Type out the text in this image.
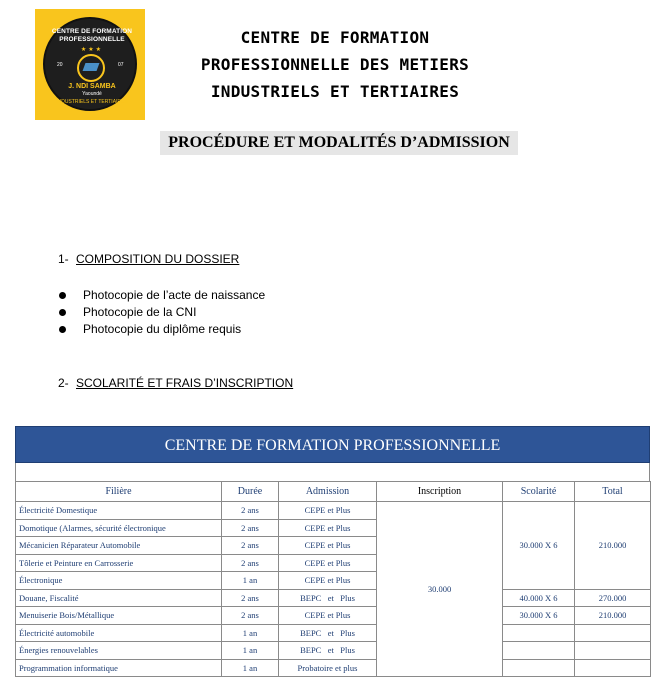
CENTRE DE FORMATION PROFESSIONNELLE
★★★
20	07
J. NDI SAMBA
Yaoundé
INDUSTRIELS ET TERTIAIRES
CENTRE DE FORMATION
PROFESSIONNELLE DES METIERS
INDUSTRIELS ET TERTIAIRES
PROCÉDURE ET MODALITÉS D’ADMISSION
1- COMPOSITION DU DOSSIER
Photocopie de l’acte de naissance
Photocopie de la CNI
Photocopie du diplôme requis
2- SCOLARITÉ ET FRAIS D’INSCRIPTION
CENTRE DE FORMATION PROFESSIONNELLE
Filière	Durée	Admission	Inscription	Scolarité	Total
Électricité Domestique	2 ans	CEPE et Plus	30.000	30.000 X 6	210.000
Domotique (Alarmes, sécurité électronique	2 ans	CEPE et Plus			
Mécanicien Réparateur Automobile	2 ans	CEPE et Plus			
Tôlerie et Peinture en Carrosserie	2 ans	CEPE et Plus			
Électronique	1 an	CEPE et Plus			
Douane, Fiscalité	2 ans	BEPC   et   Plus		40.000 X 6	270.000
Menuiserie Bois/Métallique	2 ans	CEPE et Plus		30.000 X 6	210.000
Électricité automobile	1 an	BEPC   et   Plus			
Énergies renouvelables	1 an	BEPC   et   Plus			
Programmation informatique	1 an	Probatoire et plus			
